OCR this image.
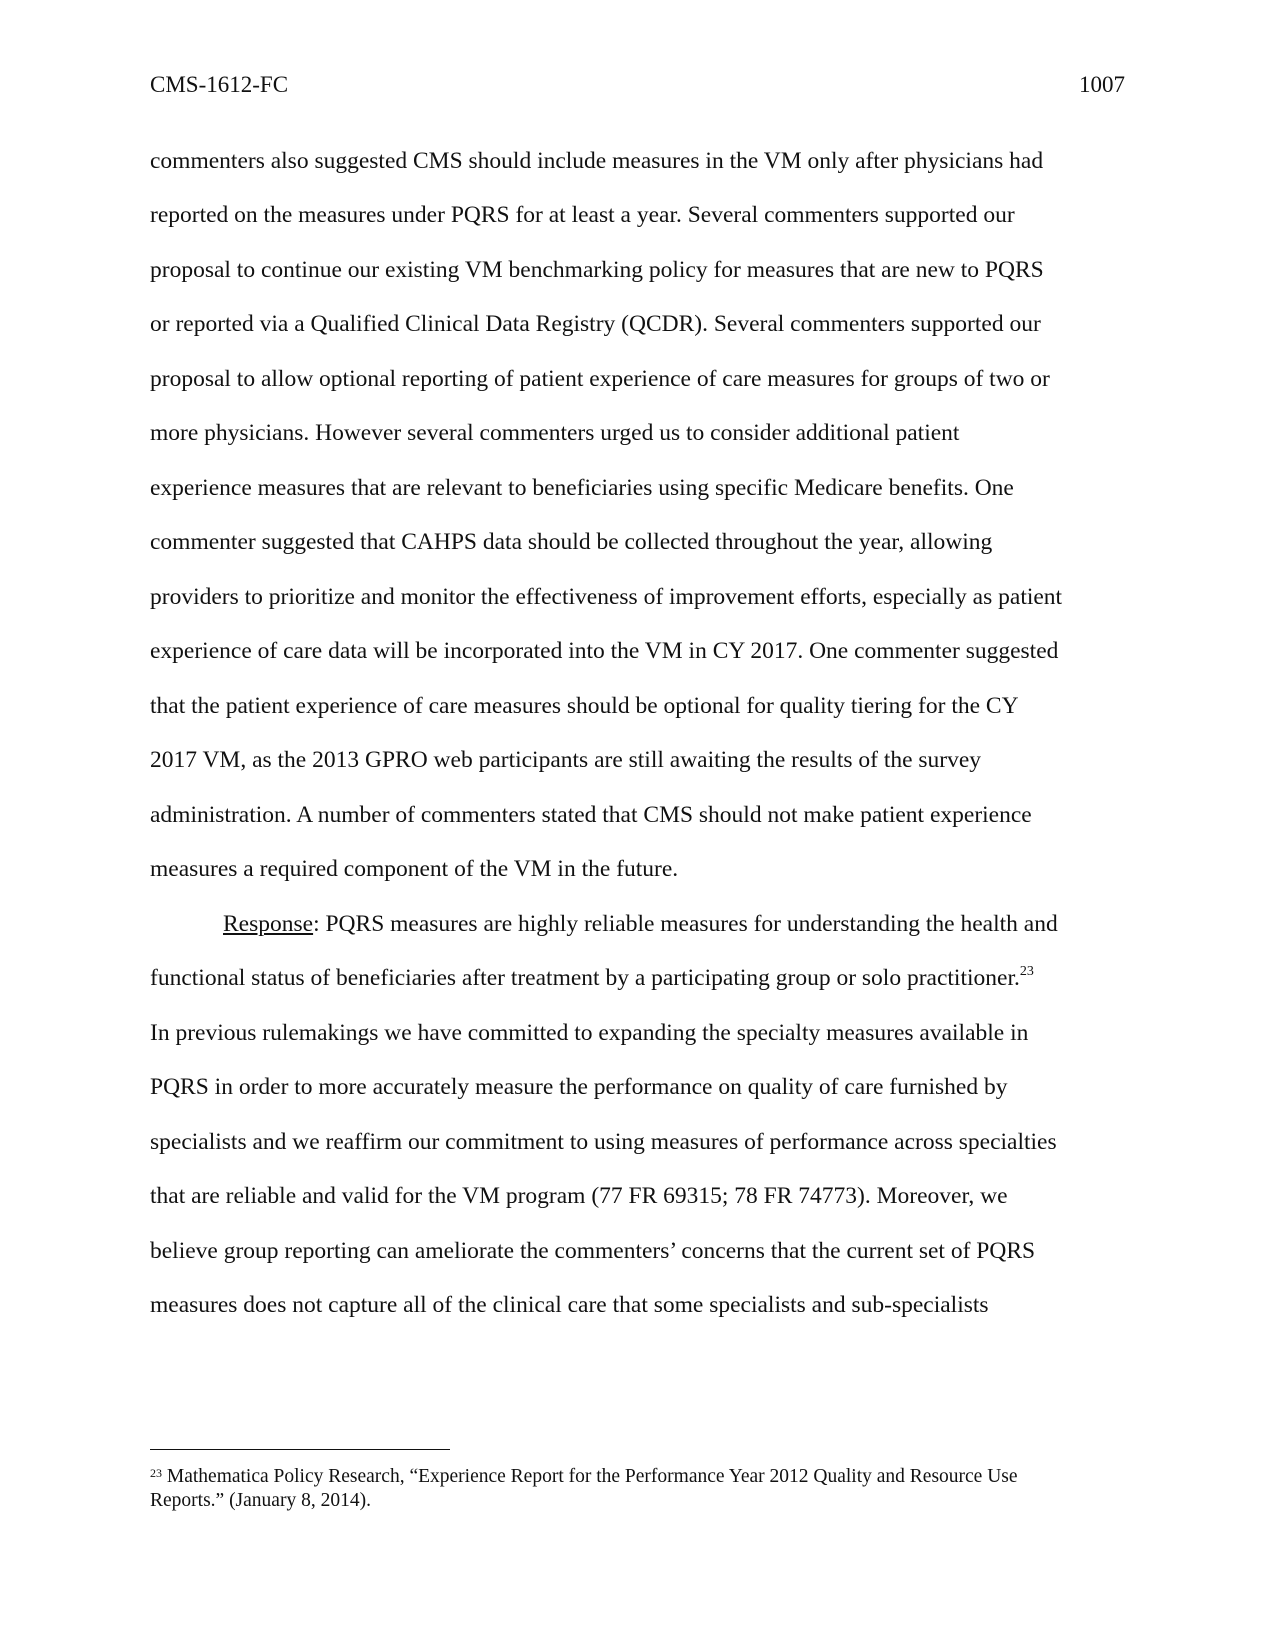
CMS-1612-FC	1007
commenters also suggested CMS should include measures in the VM only after physicians had
reported on the measures under PQRS for at least a year. Several commenters supported our
proposal to continue our existing VM benchmarking policy for measures that are new to PQRS
or reported via a Qualified Clinical Data Registry (QCDR). Several commenters supported our
proposal to allow optional reporting of patient experience of care measures for groups of two or
more physicians. However several commenters urged us to consider additional patient
experience measures that are relevant to beneficiaries using specific Medicare benefits. One
commenter suggested that CAHPS data should be collected throughout the year, allowing
providers to prioritize and monitor the effectiveness of improvement efforts, especially as patient
experience of care data will be incorporated into the VM in CY 2017. One commenter suggested
that the patient experience of care measures should be optional for quality tiering for the CY
2017 VM, as the 2013 GPRO web participants are still awaiting the results of the survey
administration. A number of commenters stated that CMS should not make patient experience
measures a required component of the VM in the future.
Response: PQRS measures are highly reliable measures for understanding the health and
functional status of beneficiaries after treatment by a participating group or solo practitioner.$^{23}$
In previous rulemakings we have committed to expanding the specialty measures available in
PQRS in order to more accurately measure the performance on quality of care furnished by
specialists and we reaffirm our commitment to using measures of performance across specialties
that are reliable and valid for the VM program (77 FR 69315; 78 FR 74773). Moreover, we
believe group reporting can ameliorate the commenters’ concerns that the current set of PQRS
measures does not capture all of the clinical care that some specialists and sub-specialists
$^{23}$ Mathematica Policy Research, “Experience Report for the Performance Year 2012 Quality and Resource Use
Reports.” (January 8, 2014).
